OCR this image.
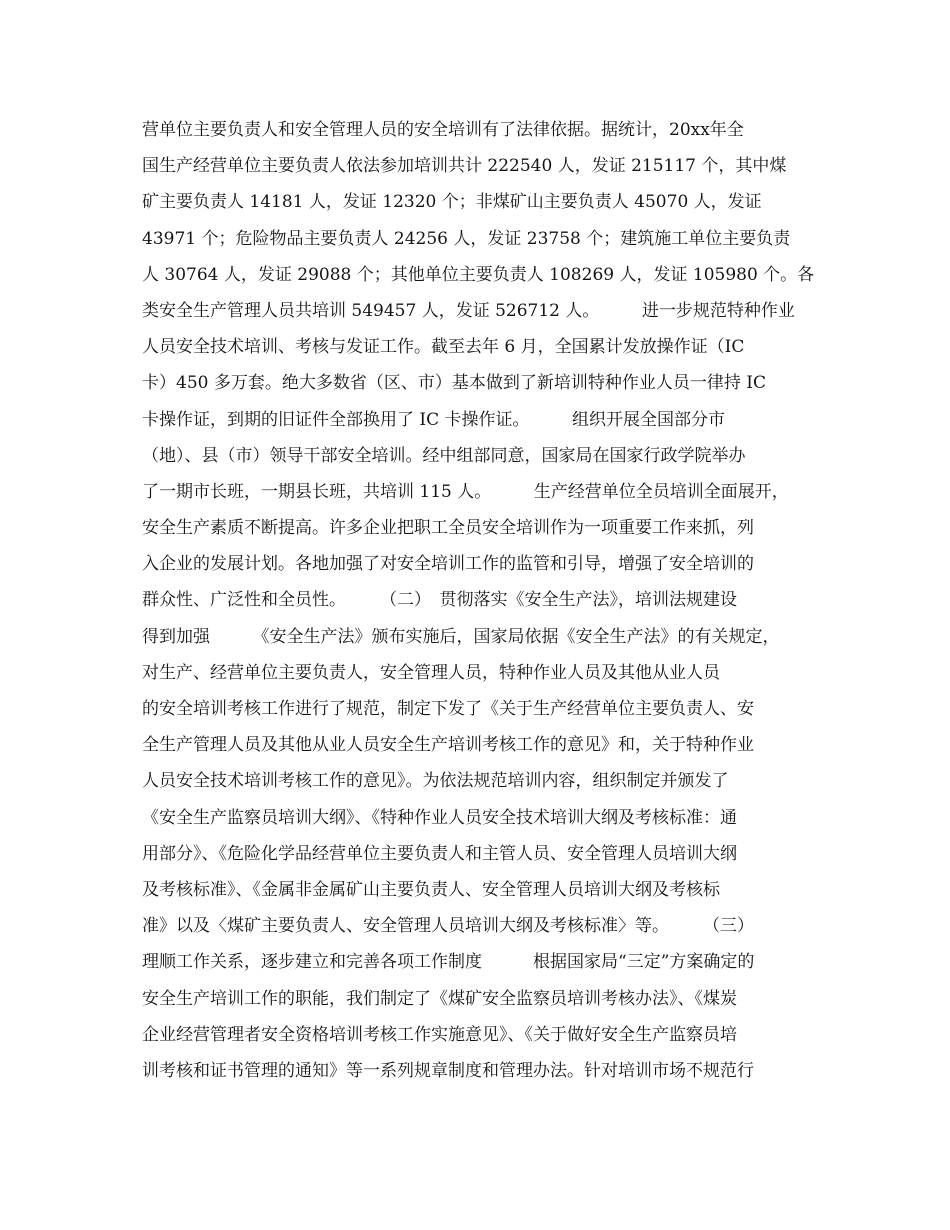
营单位主要负责人和安全管理人员的安全培训有了法律依据。据统计，20xx年全
国生产经营单位主要负责人依法参加培训共计 222540 人，发证 215117 个，其中煤
矿主要负责人 14181 人，发证 12320 个；非煤矿山主要负责人 45070 人，发证
43971 个；危险物品主要负责人 24256 人，发证 23758 个；建筑施工单位主要负责
人 30764 人，发证 29088 个；其他单位主要负责人 108269 人，发证 105980 个。各
类安全生产管理人员共培训 549457 人，发证 526712 人。　　　进一步规范特种作业
人员安全技术培训、考核与发证工作。截至去年 6 月，全国累计发放操作证（IC
卡）450 多万套。绝大多数省（区、市）基本做到了新培训特种作业人员一律持 IC
卡操作证，到期的旧证件全部换用了 IC 卡操作证。　　　组织开展全国部分市
（地）、县（市）领导干部安全培训。经中组部同意，国家局在国家行政学院举办
了一期市长班，一期县长班，共培训 115 人。　　　生产经营单位全员培训全面展开，
安全生产素质不断提高。许多企业把职工全员安全培训作为一项重要工作来抓，列
入企业的发展计划。各地加强了对安全培训工作的监管和引导，增强了安全培训的
群众性、广泛性和全员性。　　　（二）　贯彻落实《安全生产法》，培训法规建设
得到加强　　　《安全生产法》颁布实施后，国家局依据《安全生产法》的有关规定，
对生产、经营单位主要负责人，安全管理人员，特种作业人员及其他从业人员
的安全培训考核工作进行了规范，制定下发了《关于生产经营单位主要负责人、安
全生产管理人员及其他从业人员安全生产培训考核工作的意见》和，关于特种作业
人员安全技术培训考核工作的意见》。为依法规范培训内容，组织制定并颁发了
《安全生产监察员培训大纲》、《特种作业人员安全技术培训大纲及考核标准：通
用部分》、《危险化学品经营单位主要负责人和主管人员、安全管理人员培训大纲
及考核标准》、《金属非金属矿山主要负责人、安全管理人员培训大纲及考核标
准》以及〈煤矿主要负责人、安全管理人员培训大纲及考核标准〉等。　　　（三）
理顺工作关系，逐步建立和完善各项工作制度　　　根据国家局“三定”方案确定的
安全生产培训工作的职能，我们制定了《煤矿安全监察员培训考核办法》、《煤炭
企业经营管理者安全资格培训考核工作实施意见》、《关于做好安全生产监察员培
训考核和证书管理的通知》等一系列规章制度和管理办法。针对培训市场不规范行
